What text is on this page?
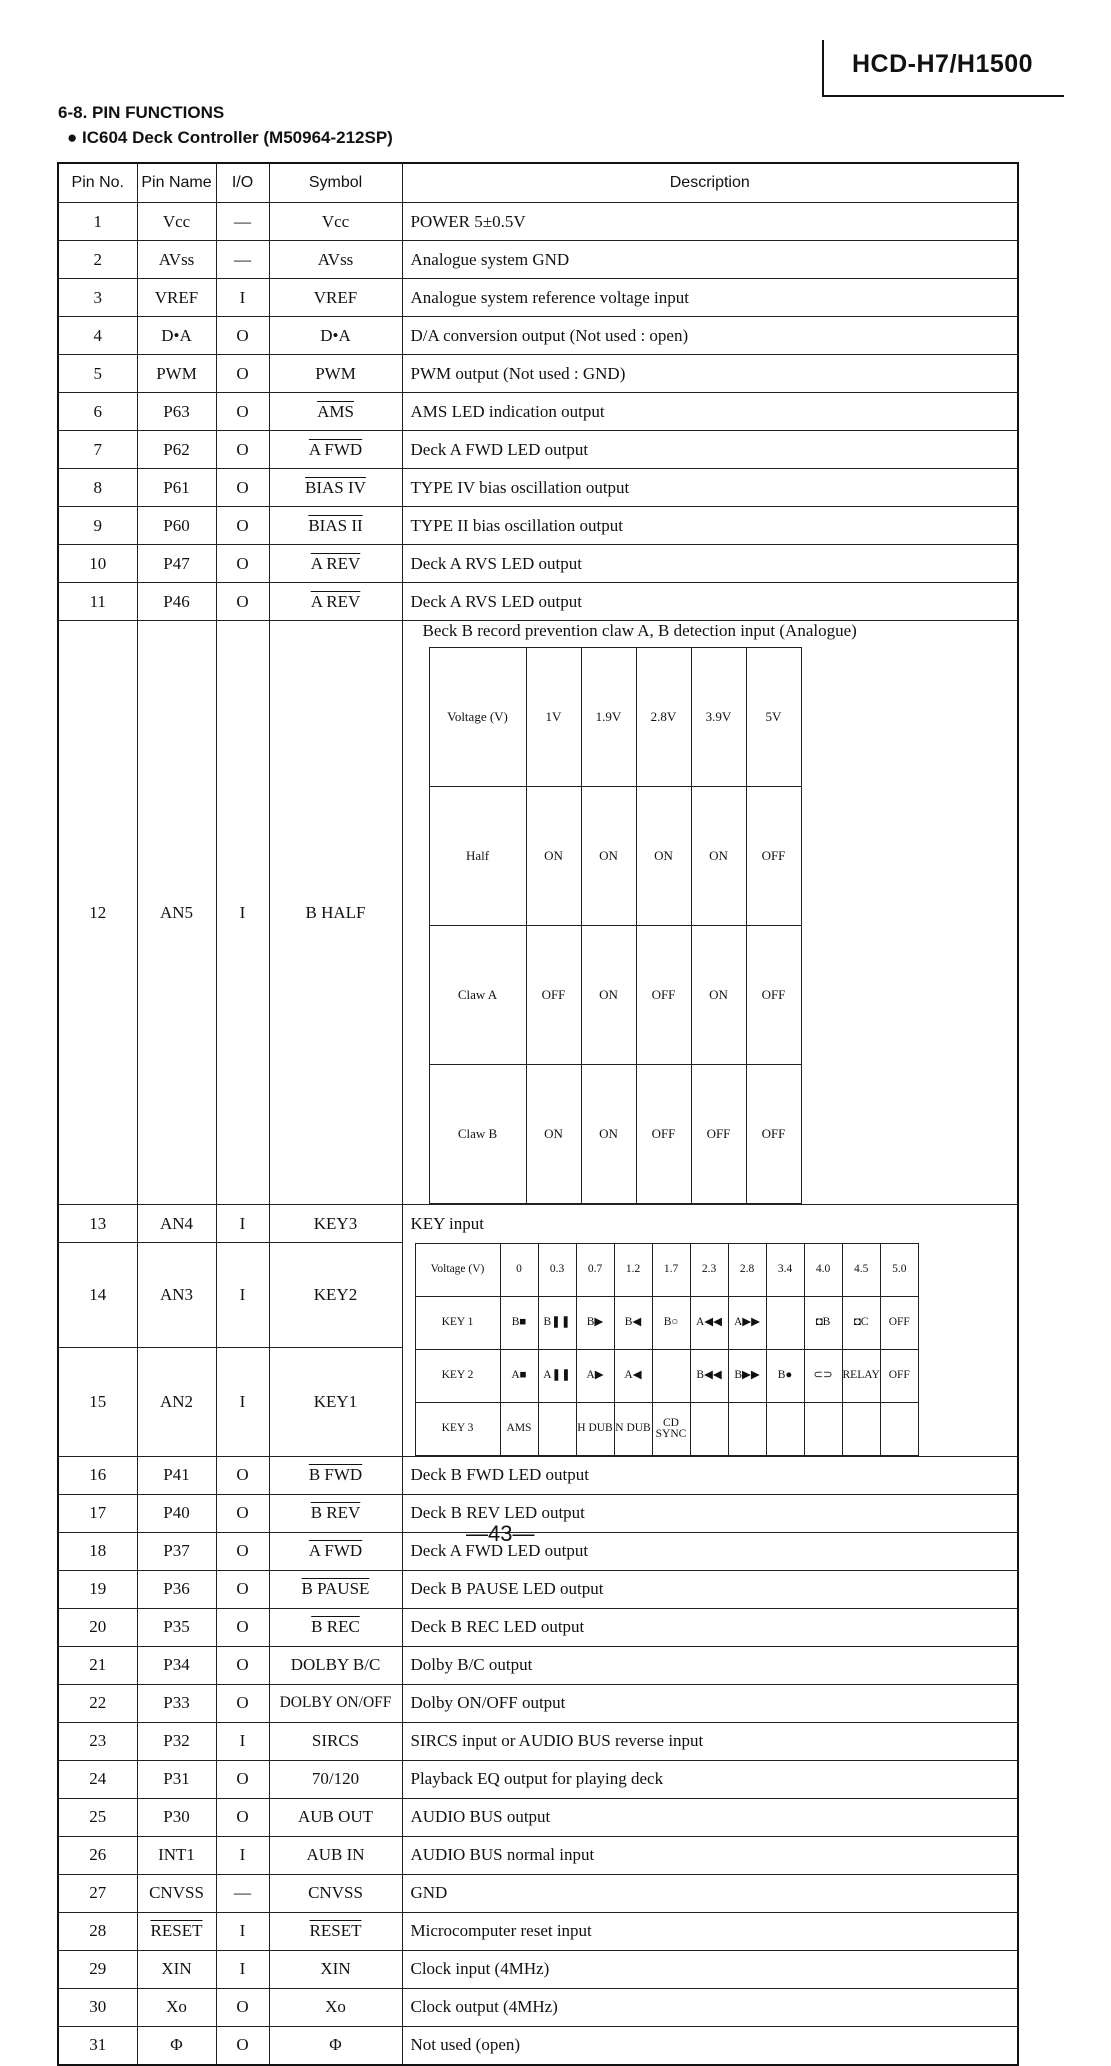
HCD-H7/H1500
6-8. PIN FUNCTIONS
● IC604 Deck Controller (M50964-212SP)
Pin No.	Pin Name	I/O	Symbol	Description
1	Vcc	—	Vcc	POWER 5±0.5V
2	AVss	—	AVss	Analogue system GND
3	VREF	I	VREF	Analogue system reference voltage input
4	D•A	O	D•A	D/A conversion output (Not used : open)
5	PWM	O	PWM	PWM output (Not used : GND)
6	P63	O	$\overline{AMS}$	AMS LED indication output
7	P62	O	A FWD	Deck A FWD LED output
8	P61	O	BIAS IV	TYPE IV bias oscillation output
9	P60	O	BIAS II	TYPE II bias oscillation output
10	P47	O	A REV	Deck A RVS LED output
11	P46	O	A REV	Deck A RVS LED output
12	AN5	I	B HALF	
Beck B record prevention claw A, B detection input (Analogue)
Voltage (V)	1V	1.9V	2.8V	3.9V	5V
Half	ON	ON	ON	ON	OFF
Claw A	OFF	ON	OFF	ON	OFF
Claw B	ON	ON	OFF	OFF	OFF

13	AN4	I	KEY3	KEY input
14	AN3	I	KEY2	
Voltage (V)	0	0.3	0.7	1.2	1.7	2.3	2.8	3.4	4.0	4.5	5.0
KEY 1	B■	B❚❚	B▶	B◀	B○	A◀◀	A▶▶		◘B	◘C	OFF
KEY 2	A■	A❚❚	A▶	A◀		B◀◀	B▶▶	B●	⊂⊃	RELAY	OFF
KEY 3	AMS		H DUB	N DUB	CD SYNC						

15	AN2	I	KEY1
16	P41	O	B FWD	Deck B FWD LED output
17	P40	O	B REV	Deck B REV LED output
18	P37	O	A FWD	Deck A FWD LED output
19	P36	O	B PAUSE	Deck B PAUSE LED output
20	P35	O	B REC	Deck B REC LED output
21	P34	O	DOLBY B/C	Dolby B/C output
22	P33	O	DOLBY ON/OFF	Dolby ON/OFF output
23	P32	I	SIRCS	SIRCS input or AUDIO BUS reverse input
24	P31	O	70/120	Playback EQ output for playing deck
25	P30	O	AUB OUT	AUDIO BUS output
26	INT1	I	AUB IN	AUDIO BUS normal input
27	CNVSS	—	CNVSS	GND
28	RESET	I	RESET	Microcomputer reset input
29	XIN	I	XIN	Clock input (4MHz)
30	Xo	O	Xo	Clock output (4MHz)
31	Φ	O	Φ	Not used (open)
—43—
